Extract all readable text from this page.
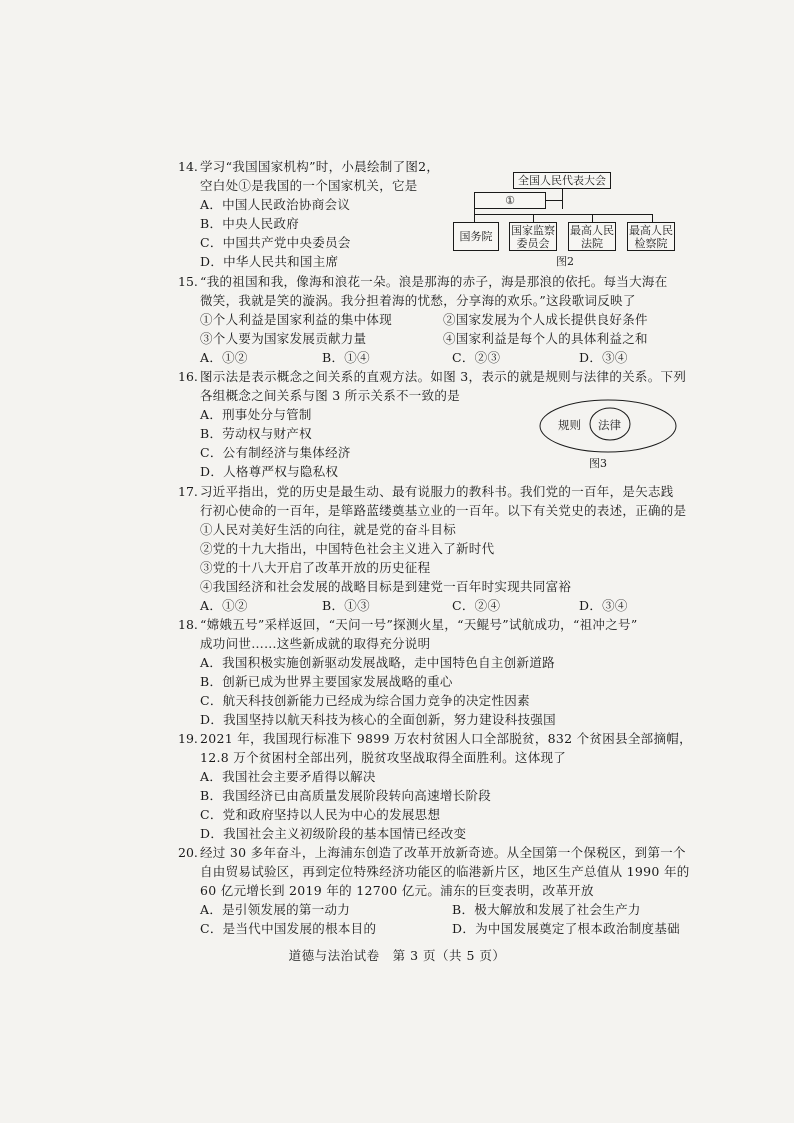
14. 学习“我国国家机构”时，小晨绘制了图2，
空白处①是我国的一个国家机关，它是
A．中国人民政治协商会议
B．中央人民政府
C．中国共产党中央委员会
D．中华人民共和国主席
全国人民代表大会
①
国务院	国家监察
委员会
最高人民
法院
最高人民
检察院
图2
15. “我的祖国和我，像海和浪花一朵。浪是那海的赤子，海是那浪的依托。每当大海在
微笑，我就是笑的漩涡。我分担着海的忧愁，分享海的欢乐。”这段歌词反映了
①个人利益是国家利益的集中体现	②国家发展为个人成长提供良好条件
③个人要为国家发展贡献力量	④国家利益是每个人的具体利益之和
A．①②	B．①④	C．②③	D．③④
16. 图示法是表示概念之间关系的直观方法。如图 3，表示的就是规则与法律的关系。下列
各组概念之间关系与图 3 所示关系不一致的是
A．刑事处分与管制
B．劳动权与财产权
C．公有制经济与集体经济
D．人格尊严权与隐私权
规则 法律
图3
17. 习近平指出，党的历史是最生动、最有说服力的教科书。我们党的一百年，是矢志践
行初心使命的一百年，是筚路蓝缕奠基立业的一百年。以下有关党史的表述，正确的是
①人民对美好生活的向往，就是党的奋斗目标
②党的十九大指出，中国特色社会主义进入了新时代
③党的十八大开启了改革开放的历史征程
④我国经济和社会发展的战略目标是到建党一百年时实现共同富裕
A．①②	B．①③	C．②④	D．③④
18. “嫦娥五号”采样返回，“天问一号”探测火星，“天鲲号”试航成功，“祖冲之号”
成功问世……这些新成就的取得充分说明
A．我国积极实施创新驱动发展战略，走中国特色自主创新道路
B．创新已成为世界主要国家发展战略的重心
C．航天科技创新能力已经成为综合国力竞争的决定性因素
D．我国坚持以航天科技为核心的全面创新，努力建设科技强国
19. 2021 年，我国现行标准下 9899 万农村贫困人口全部脱贫，832 个贫困县全部摘帽，
12.8 万个贫困村全部出列，脱贫攻坚战取得全面胜利。这体现了
A．我国社会主要矛盾得以解决
B．我国经济已由高质量发展阶段转向高速增长阶段
C．党和政府坚持以人民为中心的发展思想
D．我国社会主义初级阶段的基本国情已经改变
20. 经过 30 多年奋斗，上海浦东创造了改革开放新奇迹。从全国第一个保税区，到第一个
自由贸易试验区，再到定位特殊经济功能区的临港新片区，地区生产总值从 1990 年的
60 亿元增长到 2019 年的 12700 亿元。浦东的巨变表明，改革开放
A．是引领发展的第一动力	B．极大解放和发展了社会生产力
C．是当代中国发展的根本目的	D．为中国发展奠定了根本政治制度基础
道德与法治试卷　第 3 页（共 5 页）
